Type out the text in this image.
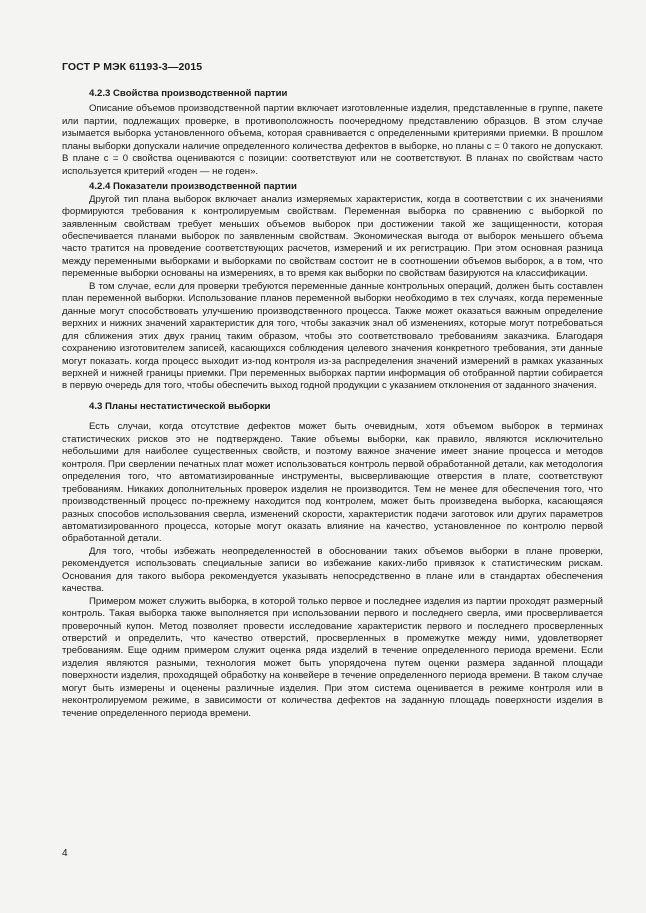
ГОСТ Р МЭК 61193-3—2015

4.2.3 Свойства производственной партии

Описание объемов производственной партии включает изготовленные изделия, представленные в группе, пакете или партии, подлежащих проверке, в противоположность поочередному представлению образцов. В этом случае изымается выборка установленного объема, которая сравнивается с определенными критериями приемки. В прошлом планы выборки допускали наличие определенного количества дефектов в выборке, но планы c = 0 такого не допускают. В плане c = 0 свойства оцениваются с позиции: соответствуют или не соответствуют. В планах по свойствам часто используется критерий «годен — не годен».

4.2.4 Показатели производственной партии

Другой тип плана выборок включает анализ измеряемых характеристик, когда в соответствии с их значениями формируются требования к контролируемым свойствам. Переменная выборка по сравнению с выборкой по заявленным свойствам требует меньших объемов выборок при достижении такой же защищенности, которая обеспечивается планами выборок по заявленным свойствам. Экономическая выгода от выборок меньшего объема часто тратится на проведение соответствующих расчетов, измерений и их регистрацию. При этом основная разница между переменными выборками и выборками по свойствам состоит не в соотношении объемов выборок, а в том, что переменные выборки основаны на измерениях, в то время как выборки по свойствам базируются на классификации.

В том случае, если для проверки требуются переменные данные контрольных операций, должен быть составлен план переменной выборки. Использование планов переменной выборки необходимо в тех случаях, когда переменные данные могут способствовать улучшению производственного процесса. Также может оказаться важным определение верхних и нижних значений характеристик для того, чтобы заказчик знал об изменениях, которые могут потребоваться для сближения этих двух границ таким образом, чтобы это соответствовало требованиям заказчика. Благодаря сохранению изготовителем записей, касающихся соблюдения целевого значения конкретного требования, эти данные могут показать. когда процесс выходит из-под контроля из-за распределения значений измерений в рамках указанных верхней и нижней границы приемки. При переменных выборках партии информация об отобранной партии собирается в первую очередь для того, чтобы обеспечить выход годной продукции с указанием отклонения от заданного значения.

4.3 Планы нестатистической выборки

Есть случаи, когда отсутствие дефектов может быть очевидным, хотя объемом выборок в терминах статистических рисков это не подтверждено. Такие объемы выборки, как правило, являются исключительно небольшими для наиболее существенных свойств, и поэтому важное значение имеет знание процесса и методов контроля. При сверлении печатных плат может использоваться контроль первой обработанной детали, как методология определения того, что автоматизированные инструменты, высверливающие отверстия в плате, соответствуют требованиям. Никаких дополнительных проверок изделия не производится. Тем не менее для обеспечения того, что производственный процесс по-прежнему находится под контролем, может быть произведена выборка, касающаяся разных способов использования сверла, изменений скорости, характеристик подачи заготовок или других параметров автоматизированного процесса, которые могут оказать влияние на качество, установленное по контролю первой обработанной детали.

Для того, чтобы избежать неопределенностей в обосновании таких объемов выборки в плане проверки, рекомендуется использовать специальные записи во избежание каких-либо привязок к статистическим рискам. Основания для такого выбора рекомендуется указывать непосредственно в плане или в стандартах обеспечения качества.

Примером может служить выборка, в которой только первое и последнее изделия из партии проходят размерный контроль. Такая выборка также выполняется при использовании первого и последнего сверла, ими просверливается проверочный купон. Метод позволяет провести исследование характеристик первого и последнего просверленных отверстий и определить, что качество отверстий, просверленных в промежутке между ними, удовлетворяет требованиям. Еще одним примером служит оценка ряда изделий в течение определенного периода времени. Если изделия являются разными, технология может быть упорядочена путем оценки размера заданной площади поверхности изделия, проходящей обработку на конвейере в течение определенного периода времени. В таком случае могут быть измерены и оценены различные изделия. При этом система оценивается в режиме контроля или в неконтролируемом режиме, в зависимости от количества дефектов на заданную площадь поверхности изделия в течение определенного периода времени.

4
